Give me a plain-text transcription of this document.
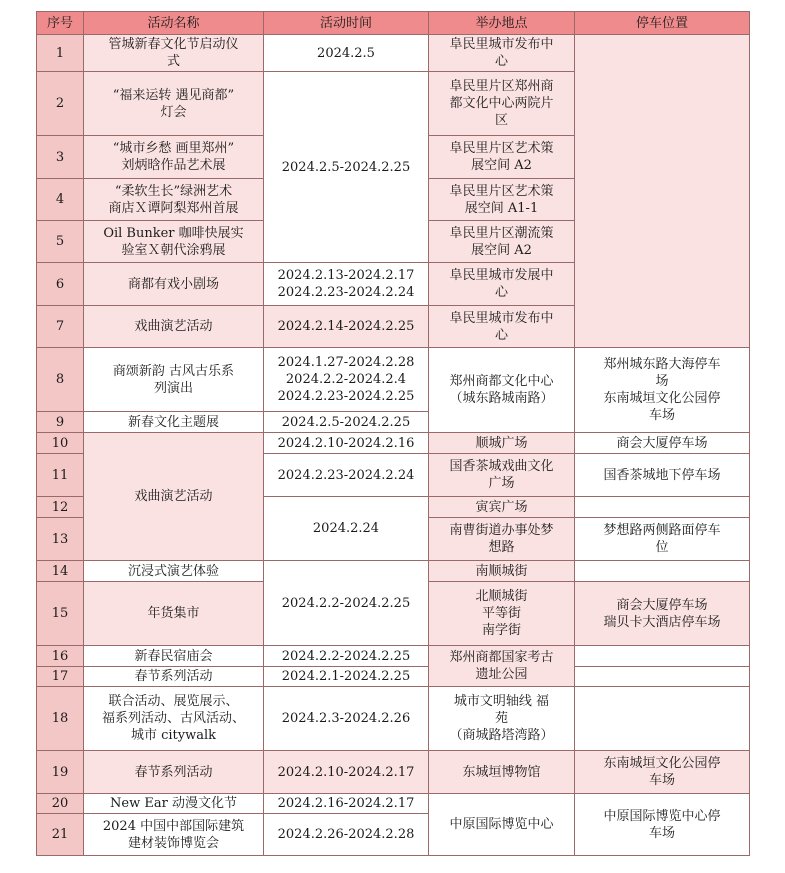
序号	活动名称	活动时间	举办地点	停车位置
1	管城新春文化节启动仪
式	2024.2.5	阜民里城市发布中
心	

2	“福来运转 遇见商都”
灯会	2024.2.5-2024.2.25	阜民里片区郑州商
都文化中心两院片
区	

3	“城市乡愁 画里郑州”
刘炳晗作品艺术展		阜民里片区艺术策
展空间 A2	

4	“柔软生长”绿洲艺术
商店Ｘ谭阿梨郑州首展		阜民里片区艺术策
展空间 A1-1	

5	Oil Bunker 咖啡快展实
验室Ｘ朝代涂鸦展		阜民里片区潮流策
展空间 A2	

6	商都有戏小剧场	2024.2.13-2024.2.17
2024.2.23-2024.2.24	阜民里城市发展中
心	

7	戏曲演艺活动	2024.2.14-2024.2.25	阜民里城市发布中
心	

8	商颂新韵 古风古乐系
列演出	2024.1.27-2024.2.28
2024.2.2-2024.2.4
2024.2.23-2024.2.25	郑州商都文化中心
（城东路城南路）	郑州城东路大海停车
场
东南城垣文化公园停
车场

9	新春文化主题展	2024.2.5-2024.2.25		

10	戏曲演艺活动	2024.2.10-2024.2.16	顺城广场	商会大厦停车场

11		2024.2.23-2024.2.24	国香茶城戏曲文化
广场	国香茶城地下停车场

12		2024.2.24	寅宾广场	

13			南曹街道办事处梦
想路	梦想路两侧路面停车
位

14	沉浸式演艺体验	2024.2.2-2024.2.25	南顺城街	

15	年货集市		北顺城街
平等街
南学街	商会大厦停车场
瑞贝卡大酒店停车场

16	新春民宿庙会	2024.2.2-2024.2.25	郑州商都国家考古
遗址公园	

17	春节系列活动	2024.2.1-2024.2.25		

18	联合活动、展览展示、
福系列活动、古风活动、
城市 citywalk	2024.2.3-2024.2.26	城市文明轴线 福
苑
（商城路塔湾路）	

19	春节系列活动	2024.2.10-2024.2.17	东城垣博物馆	东南城垣文化公园停
车场

20	New Ear 动漫文化节	2024.2.16-2024.2.17	中原国际博览中心	中原国际博览中心停
车场

21	2024 中国中部国际建筑
建材装饰博览会	2024.2.26-2024.2.28		
